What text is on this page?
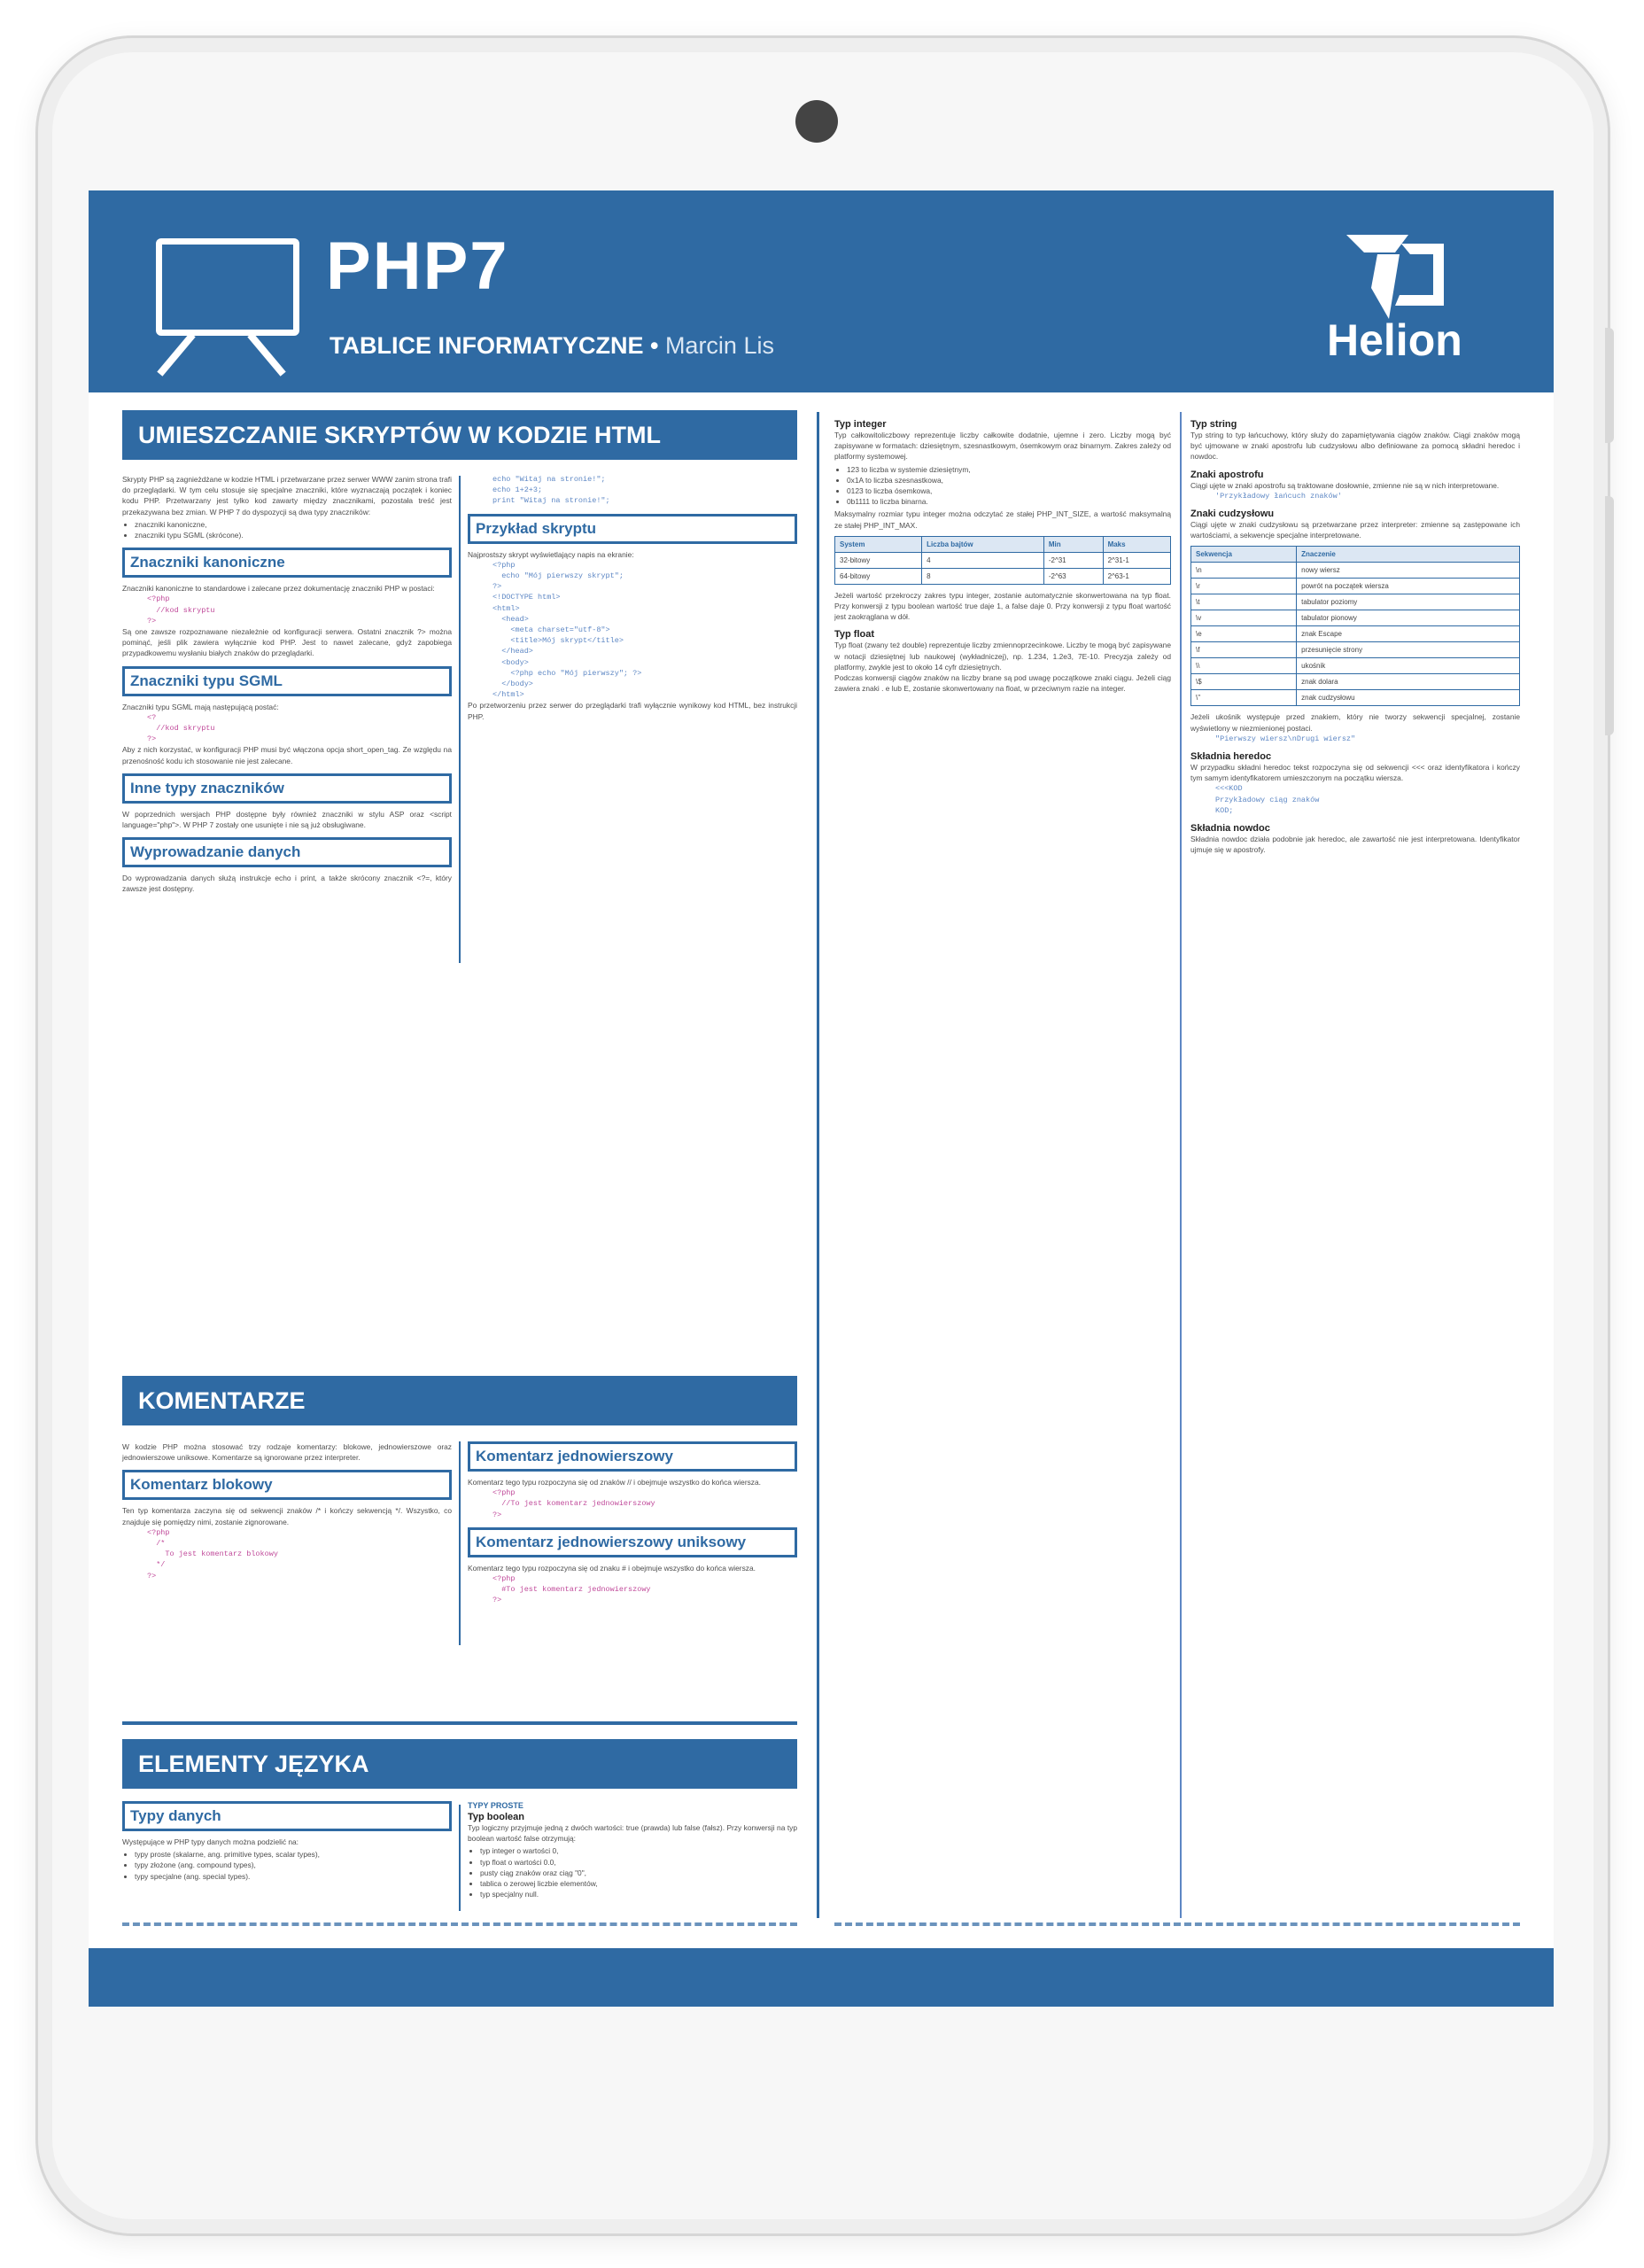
PHP7
TABLICE INFORMATYCZNE • Marcin Lis	Helion
UMIESZCZANIE SKRYPTÓW W KODZIE HTML
Skrypty PHP są zagnieżdżane w kodzie HTML i przetwarzane przez serwer WWW zanim strona trafi do przeglądarki. W tym celu stosuje się specjalne znaczniki, które wyznaczają początek i koniec kodu PHP. Przetwarzany jest tylko kod zawarty między znacznikami, pozostała treść jest przekazywana bez zmian. W PHP 7 do dyspozycji są dwa typy znaczników:
• znaczniki kanoniczne,
• znaczniki typu SGML (skrócone).
Znaczniki kanoniczne
Znaczniki kanoniczne to standardowe i zalecane przez dokumentację znaczniki PHP w postaci:
<?php
//kod skryptu
?>
Są one zawsze rozpoznawane niezależnie od konfiguracji serwera. Ostatni znacznik ?> można pominąć, jeśli plik zawiera wyłącznie kod PHP. Jest to nawet zalecane, gdyż zapobiega przypadkowemu wysłaniu białych znaków do przeglądarki.
Znaczniki typu SGML
Znaczniki typu SGML mają następującą postać:
<?
//kod skryptu
?>
Aby z nich korzystać, w konfiguracji PHP musi być włączona opcja short_open_tag. Ze względu na przenośność kodu ich stosowanie nie jest zalecane.
Inne typy znaczników
W poprzednich wersjach PHP dostępne były również znaczniki w stylu ASP oraz <script language="php">. W PHP 7 zostały one usunięte i nie są już obsługiwane.
Wyprowadzanie danych
Do wyprowadzania danych służą instrukcje echo i print, a także skrócony znacznik <?=, który zawsze jest dostępny.
echo "Witaj na stronie!";
echo 1+2+3;
print "Witaj na stronie!";
Przykład skryptu
Najprostszy skrypt wyświetlający napis na ekranie:
<?php
echo "Mój pierwszy skrypt";
?>
<!DOCTYPE html>
<html>
<head>
<meta charset="utf-8">
<title>Mój skrypt</title>
</head>
<body>
<?php echo "Mój pierwszy"; ?>
</body>
</html>
Po przetworzeniu przez serwer do przeglądarki trafi wyłącznie wynikowy kod HTML, bez instrukcji PHP.
KOMENTARZE
W kodzie PHP można stosować trzy rodzaje komentarzy: blokowe, jednowierszowe oraz jednowierszowe uniksowe. Komentarze są ignorowane przez interpreter.
Komentarz blokowy
Ten typ komentarza zaczyna się od sekwencji znaków /* i kończy sekwencją */. Wszystko, co znajduje się pomiędzy nimi, zostanie zignorowane.
<?php
/*
To jest komentarz blokowy
*/
?>
Komentarz jednowierszowy
Komentarz tego typu rozpoczyna się od znaków // i obejmuje wszystko do końca wiersza.
<?php
//To jest komentarz jednowierszowy
?>
Komentarz jednowierszowy uniksowy
Komentarz tego typu rozpoczyna się od znaku # i obejmuje wszystko do końca wiersza.
<?php
#To jest komentarz jednowierszowy
?>
ELEMENTY JĘZYKA
Typy danych
Występujące w PHP typy danych można podzielić na:
• typy proste (skalarne, ang. primitive types, scalar types),
• typy złożone (ang. compound types),
• typy specjalne (ang. special types).
TYPY PROSTE
Typ boolean
Typ logiczny przyjmuje jedną z dwóch wartości: true (prawda) lub false (fałsz). Przy konwersji na typ boolean wartość false otrzymują:
• typ integer o wartości 0,
• typ float o wartości 0.0,
• pusty ciąg znaków oraz ciąg "0",
• tablica o zerowej liczbie elementów,
• typ specjalny null.
Typ integer
Typ całkowitoliczbowy reprezentuje liczby całkowite dodatnie, ujemne i zero. Liczby mogą być zapisywane w formatach: dziesiętnym, szesnastkowym, ósemkowym oraz binarnym. Zakres zależy od platformy systemowej.
• 123 to liczba w systemie dziesiętnym,
• 0x1A to liczba szesnastkowa,
• 0123 to liczba ósemkowa,
• 0b1111 to liczba binarna.
Maksymalny rozmiar typu integer można odczytać ze stałej PHP_INT_SIZE, a wartość maksymalną ze stałej PHP_INT_MAX.
System	Liczba bajtów	Min	Maks
32-bitowy	4	-2^31	2^31-1
64-bitowy	8	-2^63	2^63-1
Jeżeli wartość przekroczy zakres typu integer, zostanie automatycznie skonwertowana na typ float. Przy konwersji z typu boolean wartość true daje 1, a false daje 0. Przy konwersji z typu float wartość jest zaokrąglana w dół.
Typ float
Typ float (zwany też double) reprezentuje liczby zmiennoprzecinkowe. Liczby te mogą być zapisywane w notacji dziesiętnej lub naukowej (wykładniczej), np. 1.234, 1.2e3, 7E-10. Precyzja zależy od platformy, zwykle jest to około 14 cyfr dziesiętnych.
Podczas konwersji ciągów znaków na liczby brane są pod uwagę początkowe znaki ciągu. Jeżeli ciąg zawiera znaki . e lub E, zostanie skonwertowany na float, w przeciwnym razie na integer.
Typ string
Typ string to typ łańcuchowy, który służy do zapamiętywania ciągów znaków. Ciągi znaków mogą być ujmowane w znaki apostrofu lub cudzysłowu albo definiowane za pomocą składni heredoc i nowdoc.
Znaki apostrofu
Ciągi ujęte w znaki apostrofu są traktowane dosłownie, zmienne nie są w nich interpretowane.
'Przykładowy łańcuch znaków'
Znaki cudzysłowu
Ciągi ujęte w znaki cudzysłowu są przetwarzane przez interpreter: zmienne są zastępowane ich wartościami, a sekwencje specjalne interpretowane.
Sekwencja	Znaczenie
\n	nowy wiersz
\r	powrót na początek wiersza
\t	tabulator poziomy
\v	tabulator pionowy
\e	znak Escape
\f	przesunięcie strony
\\	ukośnik
\$	znak dolara
\"	znak cudzysłowu
Jeżeli ukośnik występuje przed znakiem, który nie tworzy sekwencji specjalnej, zostanie wyświetlony w niezmienionej postaci.
"Pierwszy wiersz\nDrugi wiersz"
Składnia heredoc
W przypadku składni heredoc tekst rozpoczyna się od sekwencji <<< oraz identyfikatora i kończy tym samym identyfikatorem umieszczonym na początku wiersza.
<<<KOD
Przykładowy ciąg znaków
KOD;
Składnia nowdoc
Składnia nowdoc działa podobnie jak heredoc, ale zawartość nie jest interpretowana. Identyfikator ujmuje się w apostrofy.
